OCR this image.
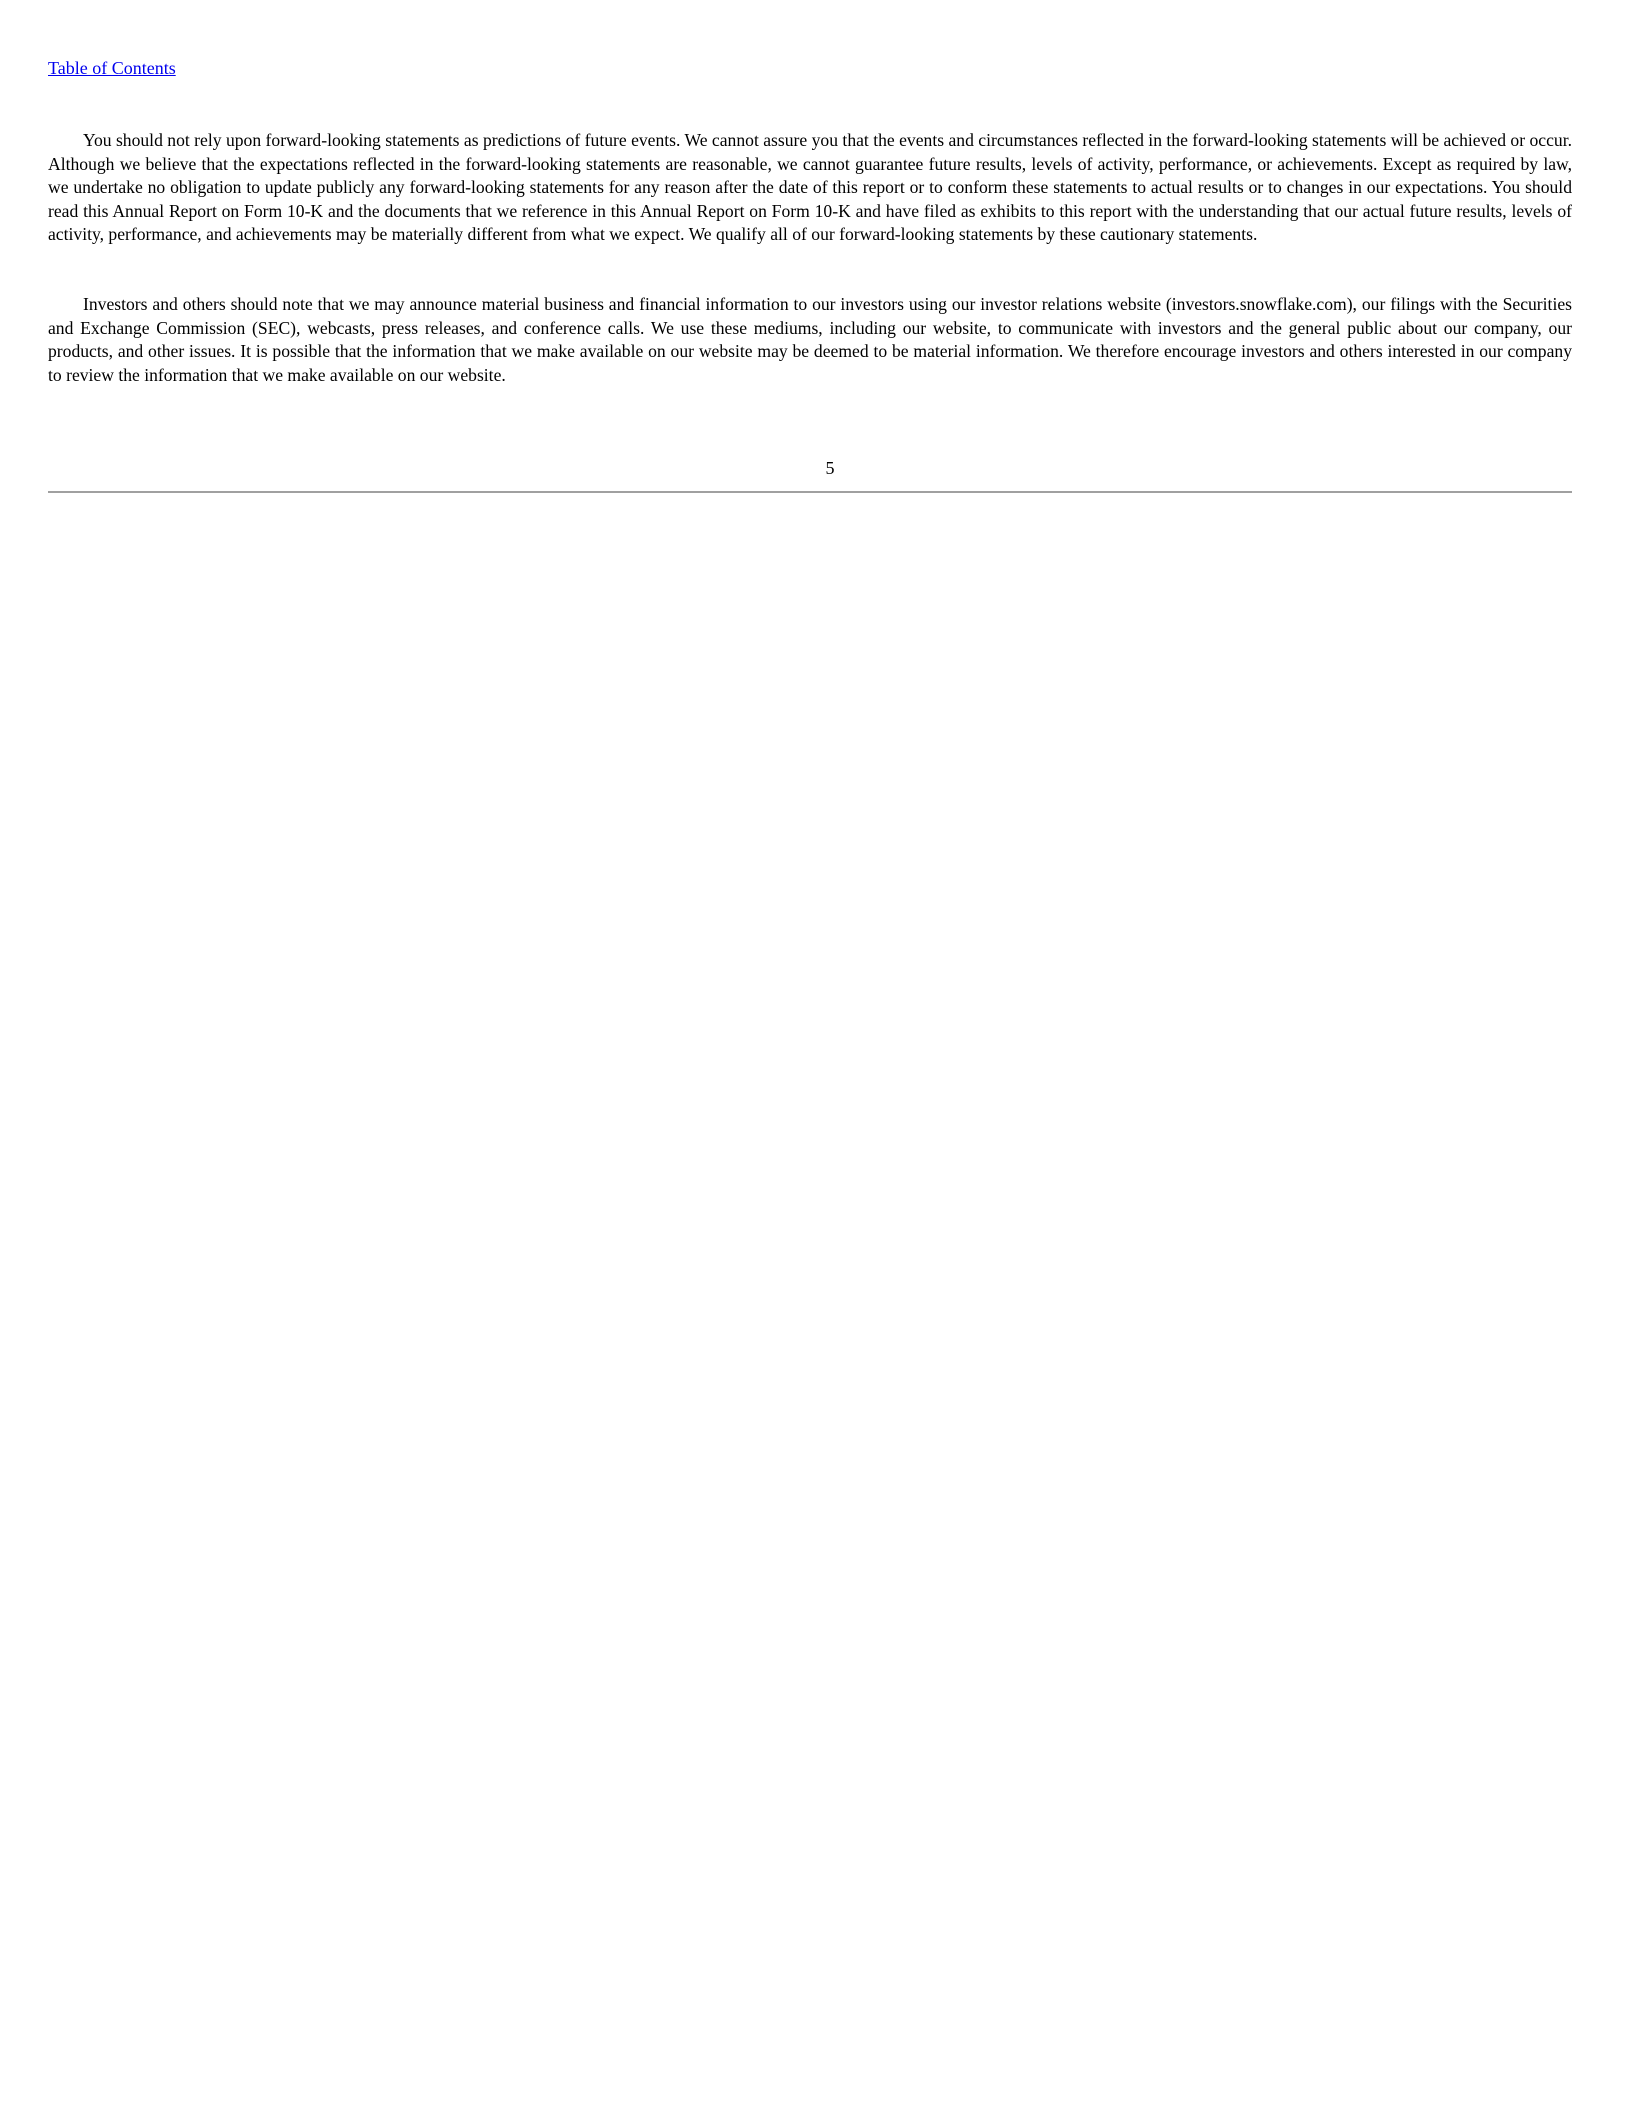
Table of Contents

You should not rely upon forward-looking statements as predictions of future events. We cannot assure you that the events and circumstances reflected in the forward-looking statements will be achieved or occur. Although we believe that the expectations reflected in the forward-looking statements are reasonable, we cannot guarantee future results, levels of activity, performance, or achievements. Except as required by law, we undertake no obligation to update publicly any forward-looking statements for any reason after the date of this report or to conform these statements to actual results or to changes in our expectations. You should read this Annual Report on Form 10-K and the documents that we reference in this Annual Report on Form 10-K and have filed as exhibits to this report with the understanding that our actual future results, levels of activity, performance, and achievements may be materially different from what we expect. We qualify all of our forward-looking statements by these cautionary statements.

Investors and others should note that we may announce material business and financial information to our investors using our investor relations website (investors.snowflake.com), our filings with the Securities and Exchange Commission (SEC), webcasts, press releases, and conference calls. We use these mediums, including our website, to communicate with investors and the general public about our company, our products, and other issues. It is possible that the information that we make available on our website may be deemed to be material information. We therefore encourage investors and others interested in our company to review the information that we make available on our website.

5
